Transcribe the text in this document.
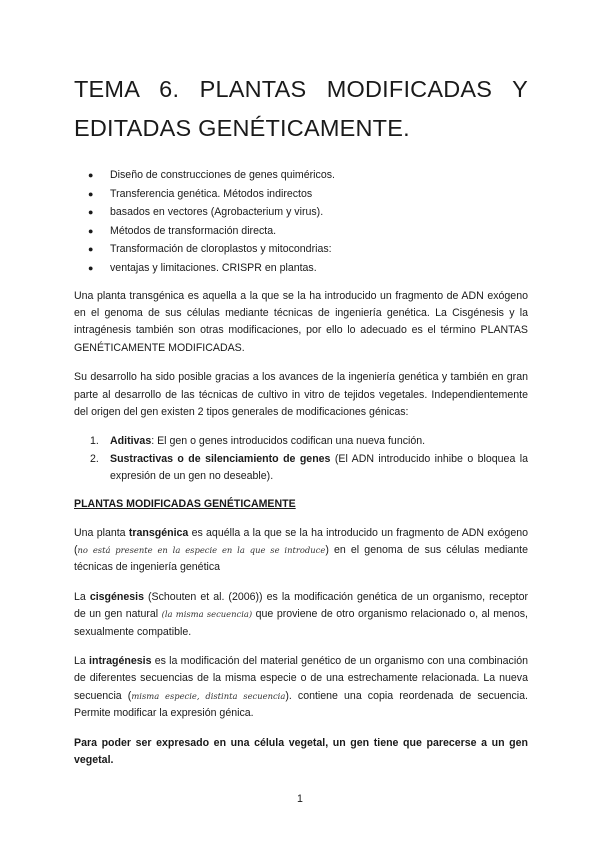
TEMA 6. PLANTAS MODIFICADAS Y
EDITADAS GENÉTICAMENTE.
● Diseño de construcciones de genes quiméricos.
● Transferencia genética. Métodos indirectos
● basados en vectores (Agrobacterium y virus).
● Métodos de transformación directa.
● Transformación de cloroplastos y mitocondrias:
● ventajas y limitaciones. CRISPR en plantas.

Una planta transgénica es aquella a la que se la ha introducido un fragmento de ADN exógeno en el genoma de sus células mediante técnicas de ingeniería genética. La Cisgénesis y la intragénesis también son otras modificaciones, por ello lo adecuado es el término PLANTAS GENÉTICAMENTE MODIFICADAS.

Su desarrollo ha sido posible gracias a los avances de la ingeniería genética y también en gran parte al desarrollo de las técnicas de cultivo in vitro de tejidos vegetales. Independientemente del origen del gen existen 2 tipos generales de modificaciones génicas:

1. Aditivas: El gen o genes introducidos codifican una nueva función.
2. Sustractivas o de silenciamiento de genes (El ADN introducido inhibe o bloquea la expresión de un gen no deseable).
PLANTAS MODIFICADAS GENÉTICAMENTE

Una planta transgénica es aquélla a la que se la ha introducido un fragmento de ADN exógeno (no está presente en la especie en la que se introduce) en el genoma de sus células mediante técnicas de ingeniería genética

La cisgénesis (Schouten et al. (2006)) es la modificación genética de un organismo, receptor de un gen natural (la misma secuencia) que proviene de otro organismo relacionado o, al menos, sexualmente compatible.

La intragénesis es la modificación del material genético de un organismo con una combinación de diferentes secuencias de la misma especie o de una estrechamente relacionada. La nueva secuencia (misma especie, distinta secuencia). contiene una copia reordenada de secuencia. Permite modificar la expresión génica.

Para poder ser expresado en una célula vegetal, un gen tiene que parecerse a un gen vegetal.

1
